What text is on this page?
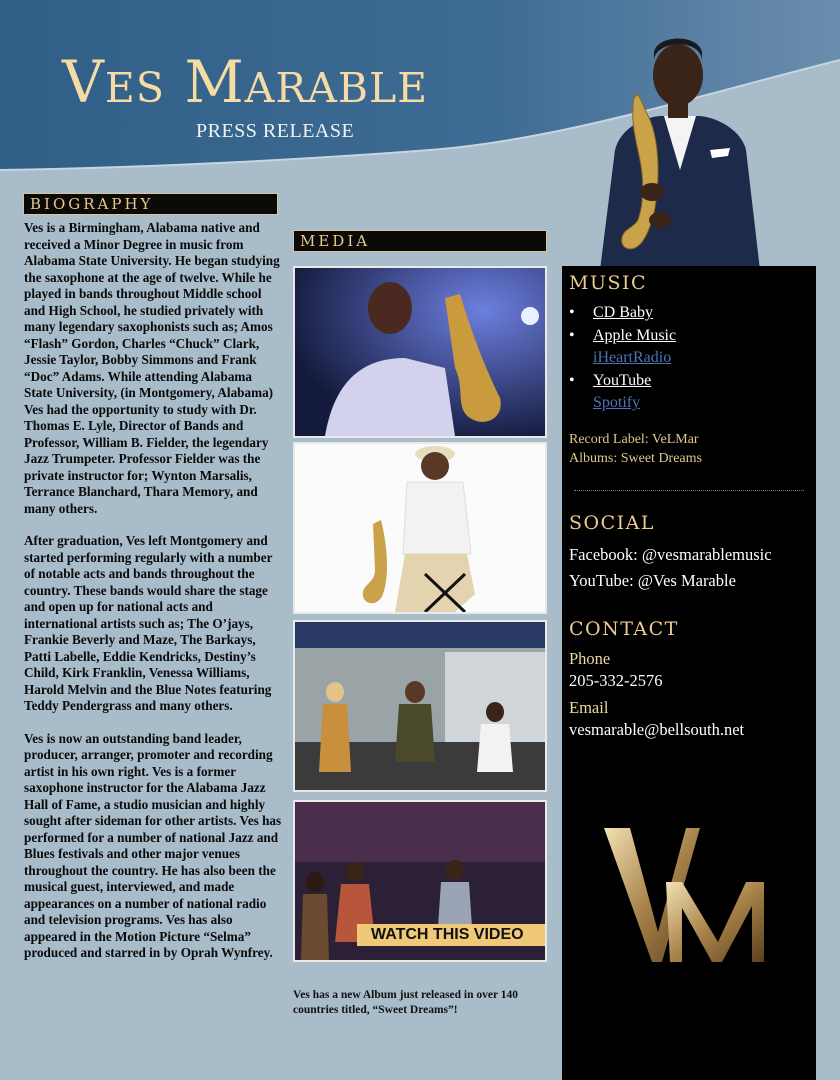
Ves Marable
PRESS RELEASE
BIOGRAPHY

Ves is a Birmingham, Alabama native and received a Minor Degree in music from Alabama State University. He began studying the saxophone at the age of twelve. While he played in bands throughout Middle school and High School, he studied privately with many legendary saxophonists such as; Amos “Flash” Gordon, Charles “Chuck” Clark, Jessie Taylor, Bobby Simmons and Frank “Doc” Adams. While attending Alabama State University, (in Montgomery, Alabama) Ves had the opportunity to study with Dr. Thomas E. Lyle, Director of Bands and Professor, William B. Fielder, the legendary Jazz Trumpeter. Professor Fielder was the private instructor for; Wynton Marsalis, Terrance Blanchard, Thara Memory, and many others.

After graduation, Ves left Montgomery and started performing regularly with a number of notable acts and bands throughout the country. These bands would share the stage and open up for national acts and international artists such as; The O’jays, Frankie Beverly and Maze, The Barkays, Patti Labelle, Eddie Kendricks, Destiny’s Child, Kirk Franklin, Venessa Williams, Harold Melvin and the Blue Notes featuring Teddy Pendergrass and many others.

Ves is now an outstanding band leader, producer, arranger, promoter and recording artist in his own right. Ves is a former saxophone instructor for the Alabama Jazz Hall of Fame, a studio musician and highly sought after sideman for other artists. Ves has performed for a number of national Jazz and Blues festivals and other major venues throughout the country. He has also been the musical guest, interviewed, and made appearances on a number of national radio and television programs. Ves has also appeared in the Motion Picture “Selma” produced and starred in by Oprah Wynfrey.

MEDIA
WATCH THIS VIDEO
Ves has a new Album just released in over 140 countries titled, “Sweet Dreams”!
MUSIC
• CD Baby
• Apple Music
iHeartRadio
• YouTube
Spotify
Record Label: VeLMar
Albums: Sweet Dreams
SOCIAL
Facebook: @vesmarablemusic
YouTube: @Ves Marable
CONTACT
Phone
205-332-2576
Email
vesmarable@bellsouth.net
